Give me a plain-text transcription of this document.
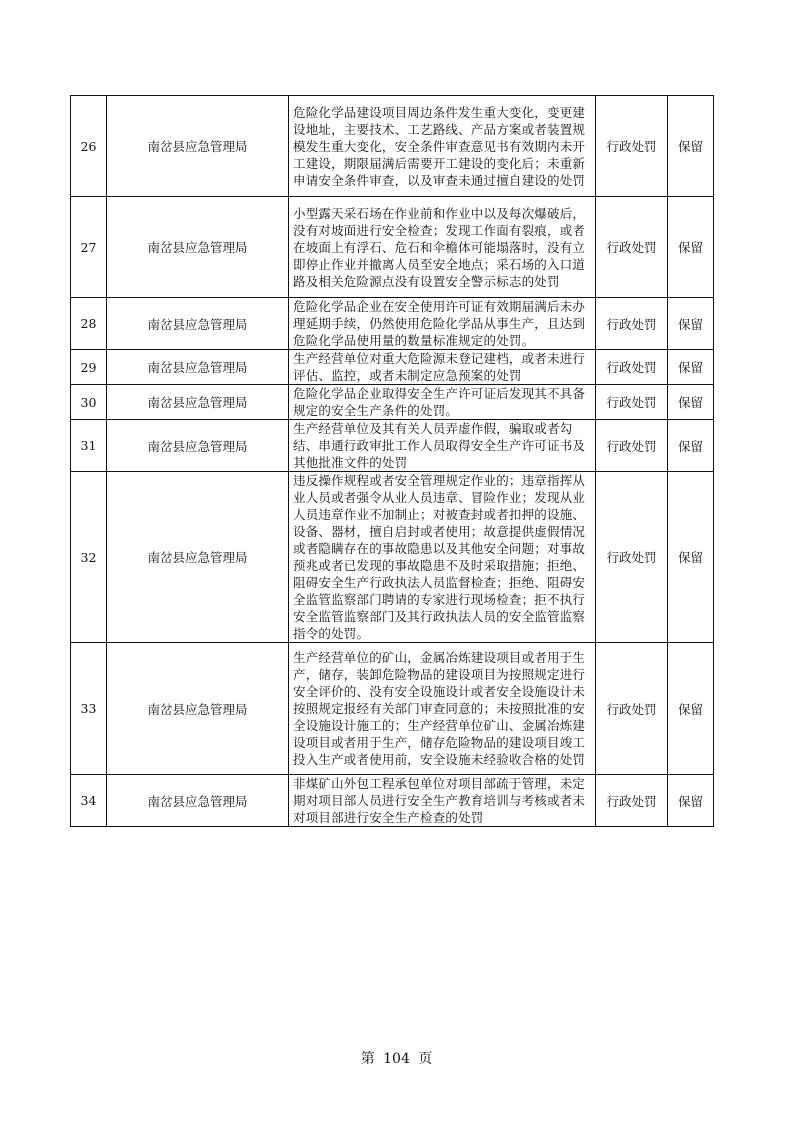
26	南岔县应急管理局	危险化学品建设项目周边条件发生重大变化，变更建设地址，主要技术、工艺路线、产品方案或者装置规模发生重大变化，安全条件审查意见书有效期内未开工建设，期限届满后需要开工建设的变化后；未重新申请安全条件审查，以及审查未通过擅自建设的处罚	行政处罚	保留
27	南岔县应急管理局	小型露天采石场在作业前和作业中以及每次爆破后，没有对坡面进行安全检查；发现工作面有裂痕，或者在坡面上有浮石、危石和伞檐体可能塌落时，没有立即停止作业并撤离人员至安全地点；采石场的入口道路及相关危险源点没有设置安全警示标志的处罚	行政处罚	保留
28	南岔县应急管理局	危险化学品企业在安全使用许可证有效期届满后未办理延期手续，仍然使用危险化学品从事生产，且达到危险化学品使用量的数量标准规定的处罚。	行政处罚	保留
29	南岔县应急管理局	生产经营单位对重大危险源未登记建档，或者未进行评估、监控，或者未制定应急预案的处罚	行政处罚	保留
30	南岔县应急管理局	危险化学品企业取得安全生产许可证后发现其不具备规定的安全生产条件的处罚。	行政处罚	保留
31	南岔县应急管理局	生产经营单位及其有关人员弄虚作假，骗取或者勾结、串通行政审批工作人员取得安全生产许可证书及其他批准文件的处罚	行政处罚	保留
32	南岔县应急管理局	违反操作规程或者安全管理规定作业的；违章指挥从业人员或者强令从业人员违章、冒险作业；发现从业人员违章作业不加制止；对被查封或者扣押的设施、设备、器材，擅自启封或者使用；故意提供虚假情况或者隐瞒存在的事故隐患以及其他安全问题；对事故预兆或者已发现的事故隐患不及时采取措施；拒绝、阻碍安全生产行政执法人员监督检查；拒绝、阻碍安全监管监察部门聘请的专家进行现场检查；拒不执行安全监管监察部门及其行政执法人员的安全监管监察指令的处罚。	行政处罚	保留
33	南岔县应急管理局	生产经营单位的矿山，金属冶炼建设项目或者用于生产，储存，装卸危险物品的建设项目为按照规定进行安全评价的、没有安全设施设计或者安全设施设计未按照规定报经有关部门审查同意的；未按照批准的安全设施设计施工的；生产经营单位矿山、金属冶炼建设项目或者用于生产，储存危险物品的建设项目竣工投入生产或者使用前，安全设施未经验收合格的处罚	行政处罚	保留
34	南岔县应急管理局	非煤矿山外包工程承包单位对项目部疏于管理，未定期对项目部人员进行安全生产教育培训与考核或者未对项目部进行安全生产检查的处罚	行政处罚	保留
第 104 页
